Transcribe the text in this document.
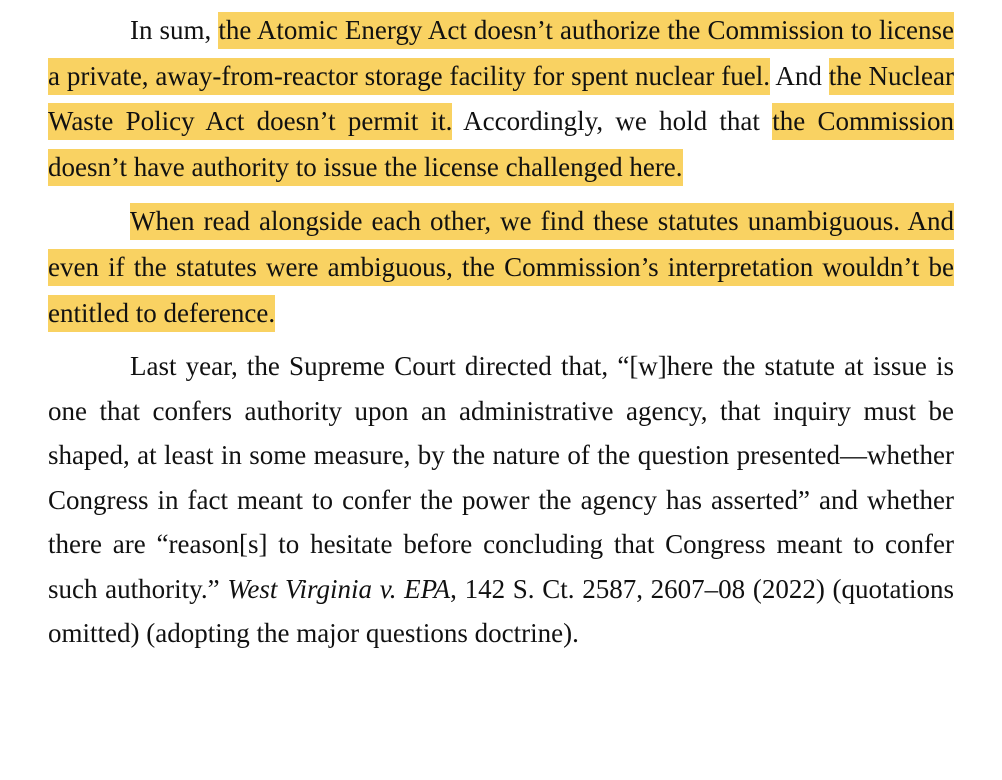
In sum, the Atomic Energy Act doesn’t authorize the Commission to license a private, away-from-reactor storage facility for spent nuclear fuel. And the Nuclear Waste Policy Act doesn’t permit it. Accordingly, we hold that the Commission doesn’t have authority to issue the license challenged here.

When read alongside each other, we find these statutes unambiguous. And even if the statutes were ambiguous, the Commission’s interpretation wouldn’t be entitled to deference.

Last year, the Supreme Court directed that, “[w]here the statute at issue is one that confers authority upon an administrative agency, that inquiry must be shaped, at least in some measure, by the nature of the question presented—whether Congress in fact meant to confer the power the agency has asserted” and whether there are “reason[s] to hesitate before concluding that Congress meant to confer such authority.” West Virginia v. EPA, 142 S. Ct. 2587, 2607–08 (2022) (quotations omitted) (adopting the major questions doctrine).
